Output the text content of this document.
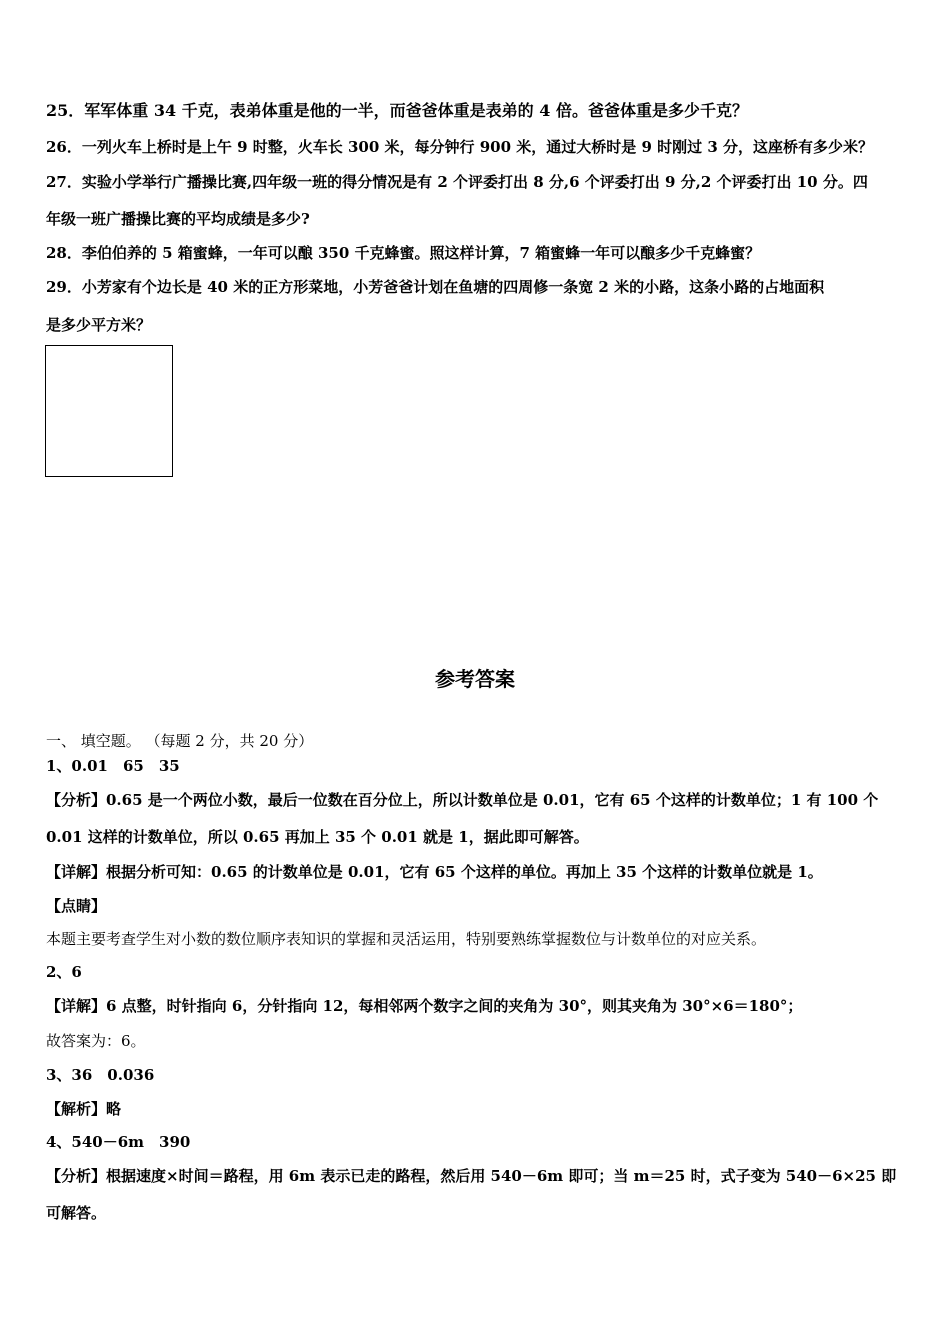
25．军军体重 34 千克，表弟体重是他的一半，而爸爸体重是表弟的 4 倍。爸爸体重是多少千克？
26．一列火车上桥时是上午 9 时整，火车长 300 米，每分钟行 900 米，通过大桥时是 9 时刚过 3 分，这座桥有多少米？
27．实验小学举行广播操比赛,四年级一班的得分情况是有 2 个评委打出 8 分,6 个评委打出 9 分,2 个评委打出 10 分。四
年级一班广播操比赛的平均成绩是多少?
28．李伯伯养的 5 箱蜜蜂，一年可以酿 350 千克蜂蜜。照这样计算，7 箱蜜蜂一年可以酿多少千克蜂蜜？
29．小芳家有个边长是 40 米的正方形菜地，小芳爸爸计划在鱼塘的四周修一条宽 2 米的小路，这条小路的占地面积
是多少平方米？
参考答案
一、 填空题。 （每题 2 分，共 20 分）
1、0.01　65　35
【分析】0.65 是一个两位小数，最后一位数在百分位上，所以计数单位是 0.01，它有 65 个这样的计数单位；1 有 100 个
0.01 这样的计数单位，所以 0.65 再加上 35 个 0.01 就是 1，据此即可解答。
【详解】根据分析可知：0.65 的计数单位是 0.01，它有 65 个这样的单位。再加上 35 个这样的计数单位就是 1。
【点睛】
本题主要考查学生对小数的数位顺序表知识的掌握和灵活运用，特别要熟练掌握数位与计数单位的对应关系。
2、6
【详解】6 点整，时针指向 6，分针指向 12，每相邻两个数字之间的夹角为 30°，则其夹角为 30°×6＝180°；
故答案为：6。
3、36　0.036
【解析】略
4、540－6m　390
【分析】根据速度×时间＝路程，用 6m 表示已走的路程，然后用 540－6m 即可；当 m＝25 时，式子变为 540－6×25 即
可解答。
